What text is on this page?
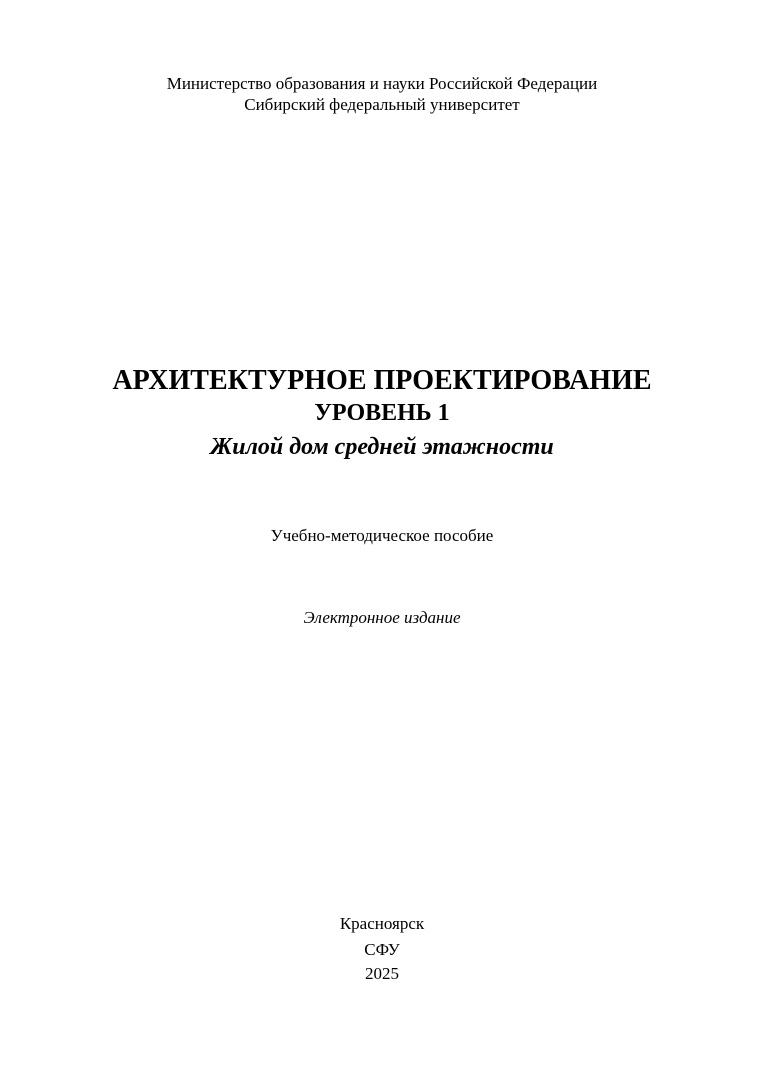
Министерство образования и науки Российской Федерации
Сибирский федеральный университет
АРХИТЕКТУРНОЕ ПРОЕКТИРОВАНИЕ
УРОВЕНЬ 1
Жилой дом средней этажности
Учебно-методическое пособие
Электронное издание
Красноярск
СФУ
2025
